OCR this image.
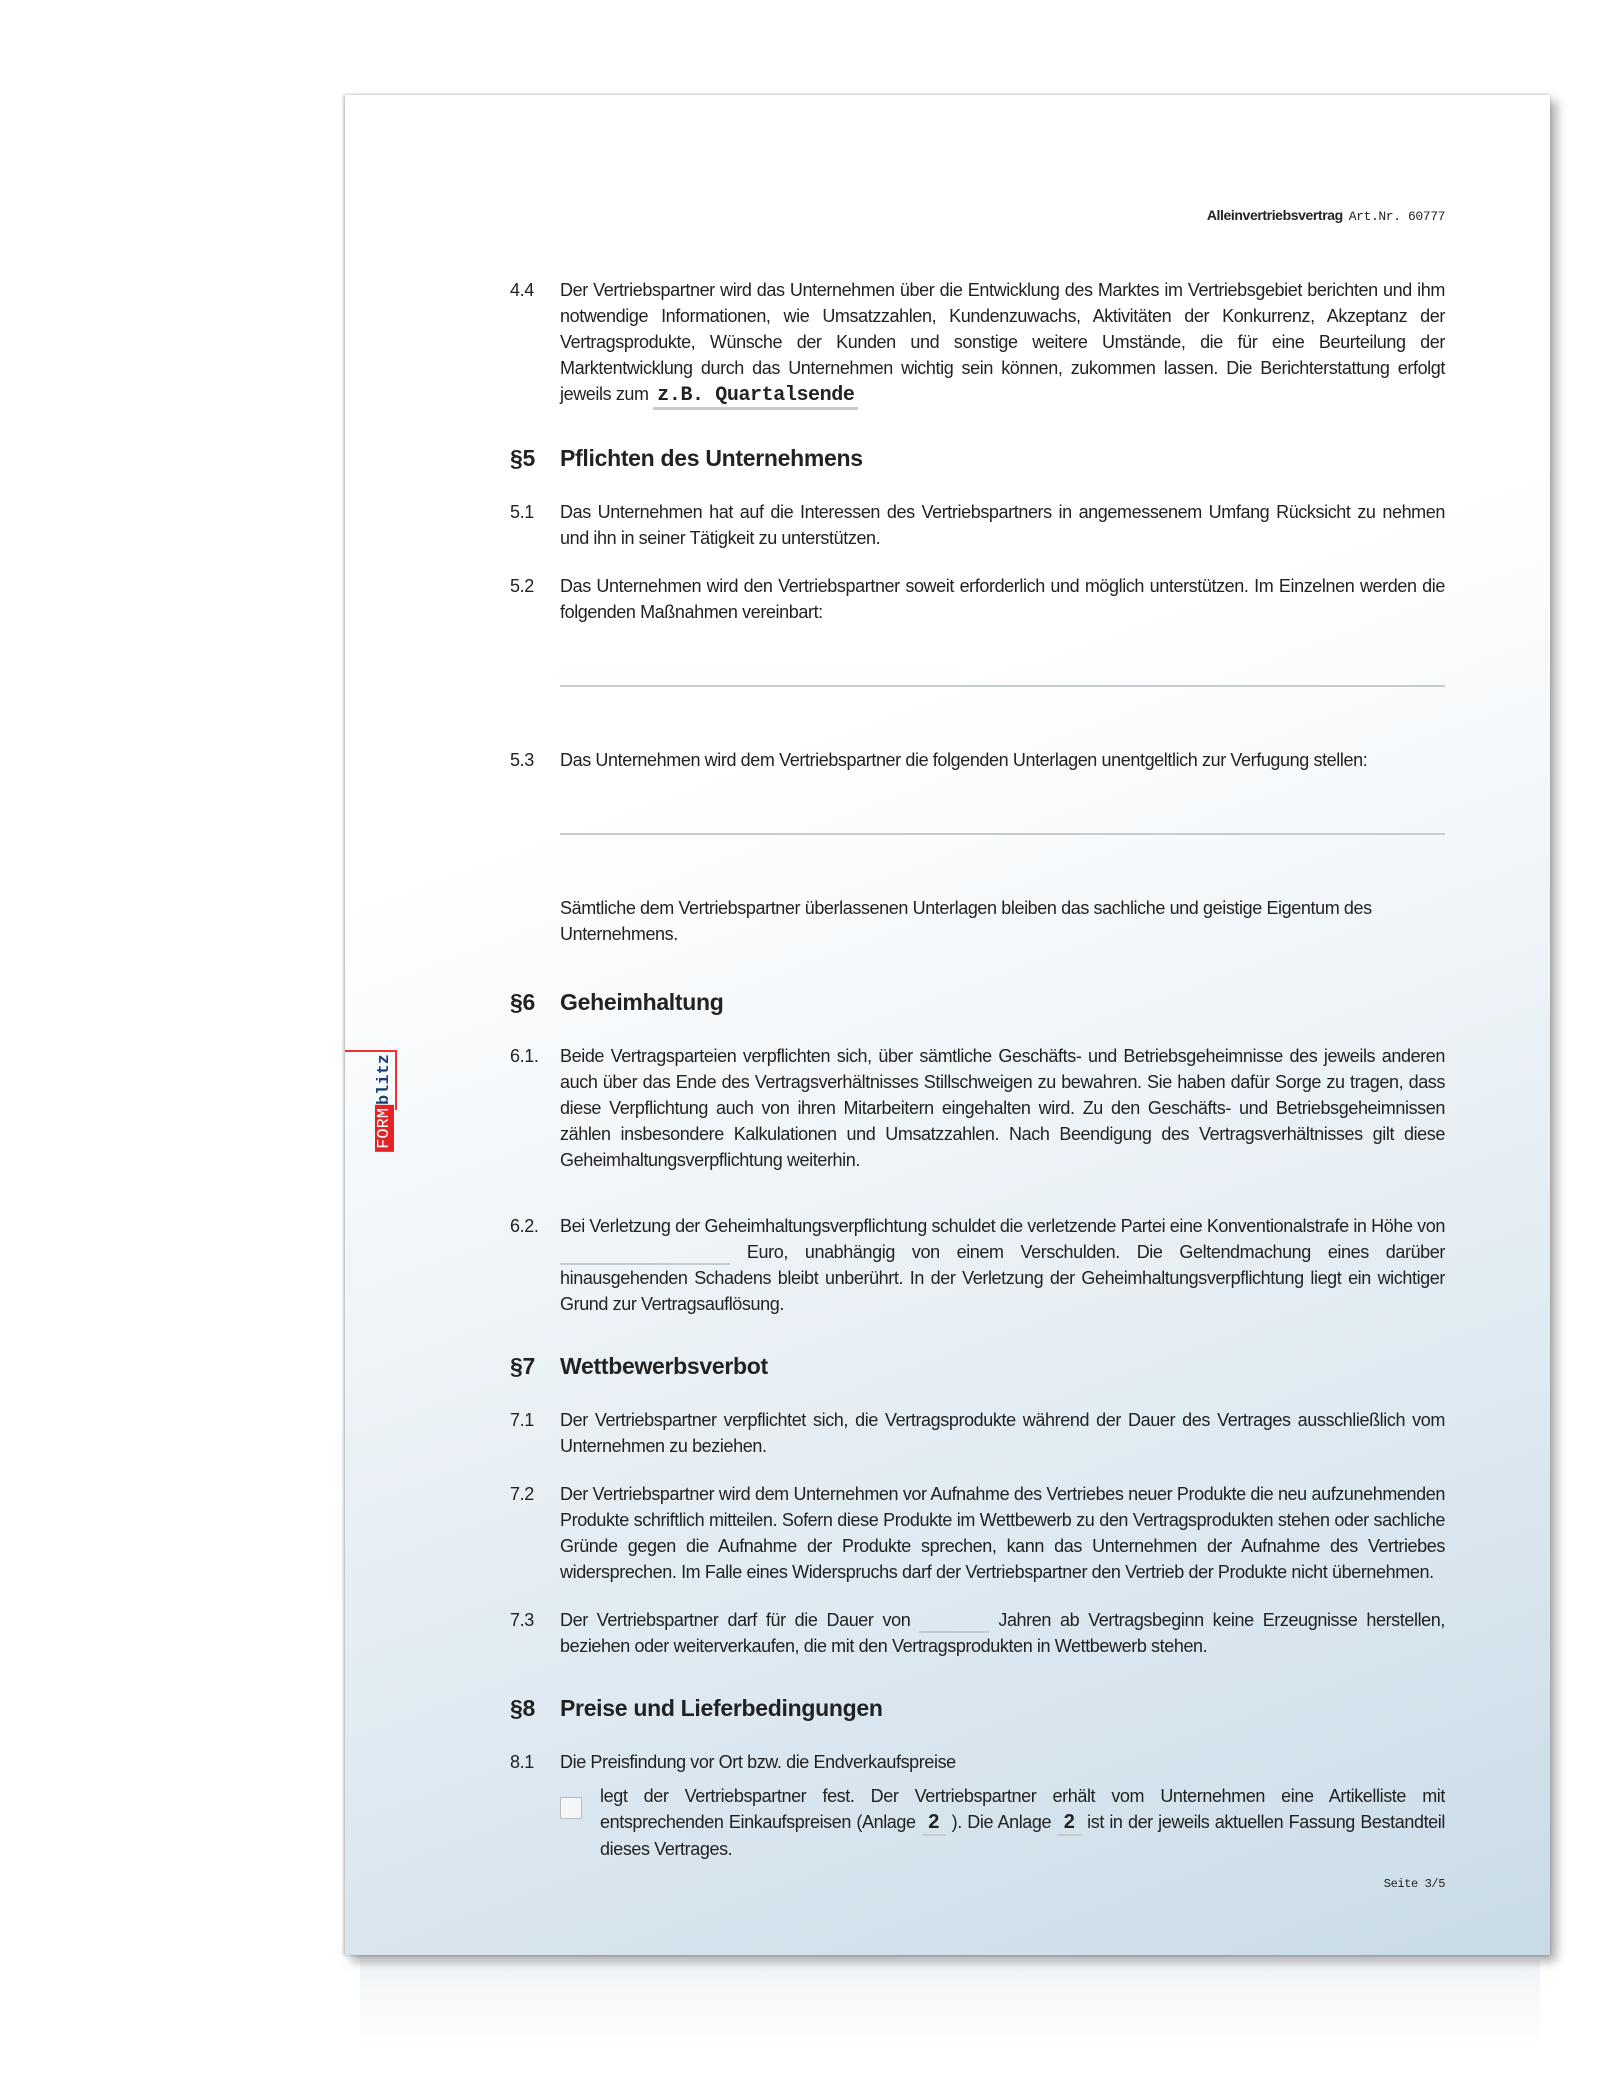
FORMblitz
Alleinvertriebsvertrag Art.Nr. 60777
4.4	Der Vertriebspartner wird das Unternehmen über die Entwicklung des Marktes im Vertriebsgebiet berichten und ihm notwendige Informationen, wie Umsatzzahlen, Kundenzuwachs, Aktivitäten der Konkurrenz, Akzeptanz der Vertragsprodukte, Wünsche der Kunden und sonstige weitere Umstände, die für eine Beurteilung der Marktentwicklung durch das Unternehmen wichtig sein können, zukommen lassen. Die Berichterstattung erfolgt jeweils zum z.B. Quartalsende
§5	Pflichten des Unternehmens
5.1	Das Unternehmen hat auf die Interessen des Vertriebspartners in angemessenem Umfang Rücksicht zu nehmen und ihn in seiner Tätigkeit zu unterstützen.
5.2	Das Unternehmen wird den Vertriebspartner soweit erforderlich und möglich unterstützen. Im Einzelnen werden die folgenden Maßnahmen vereinbart:
5.3	Das Unternehmen wird dem Vertriebspartner die folgenden Unterlagen unentgeltlich zur Verfugung stellen:
Sämtliche dem Vertriebspartner überlassenen Unterlagen bleiben das sachliche und geistige Eigentum des Unternehmens.
§6	Geheimhaltung
6.1.	Beide Vertragsparteien verpflichten sich, über sämtliche Geschäfts- und Betriebsgeheimnisse des jeweils anderen auch über das Ende des Vertragsverhältnisses Stillschweigen zu bewahren. Sie haben dafür Sorge zu tragen, dass diese Verpflichtung auch von ihren Mitarbeitern eingehalten wird. Zu den Geschäfts- und Betriebsgeheimnissen zählen insbesondere Kalkulationen und Umsatzzahlen. Nach Beendigung des Vertragsverhältnisses gilt diese Geheimhaltungsverpflichtung weiterhin.
6.2.	Bei Verletzung der Geheimhaltungsverpflichtung schuldet die verletzende Partei eine Konventionalstrafe in Höhe von  Euro, unabhängig von einem Verschulden. Die Geltendmachung eines darüber hinausgehenden Schadens bleibt unberührt. In der Verletzung der Geheimhaltungsverpflichtung liegt ein wichtiger Grund zur Vertragsauflösung.
§7	Wettbewerbsverbot
7.1	Der Vertriebspartner verpflichtet sich, die Vertragsprodukte während der Dauer des Vertrages ausschließlich vom Unternehmen zu beziehen.
7.2	Der Vertriebspartner wird dem Unternehmen vor Aufnahme des Vertriebes neuer Produkte die neu aufzunehmenden Produkte schriftlich mitteilen. Sofern diese Produkte im Wettbewerb zu den Vertragsprodukten stehen oder sachliche Gründe gegen die Aufnahme der Produkte sprechen, kann das Unternehmen der Aufnahme des Vertriebes widersprechen. Im Falle eines Widerspruchs darf der Vertriebspartner den Vertrieb der Produkte nicht übernehmen.
7.3	Der Vertriebspartner darf für die Dauer von	Jahren ab Vertragsbeginn keine Erzeugnisse herstellen, beziehen oder weiterverkaufen, die mit den Vertragsprodukten in Wettbewerb stehen.
§8	Preise und Lieferbedingungen
8.1	Die Preisfindung vor Ort bzw. die Endverkaufspreise
legt der Vertriebspartner fest. Der Vertriebspartner erhält vom Unternehmen eine Artikelliste mit entsprechenden Einkaufspreisen (Anlage 2 ). Die Anlage 2 ist in der jeweils aktuellen Fassung Bestandteil dieses Vertrages.
Seite 3/5
